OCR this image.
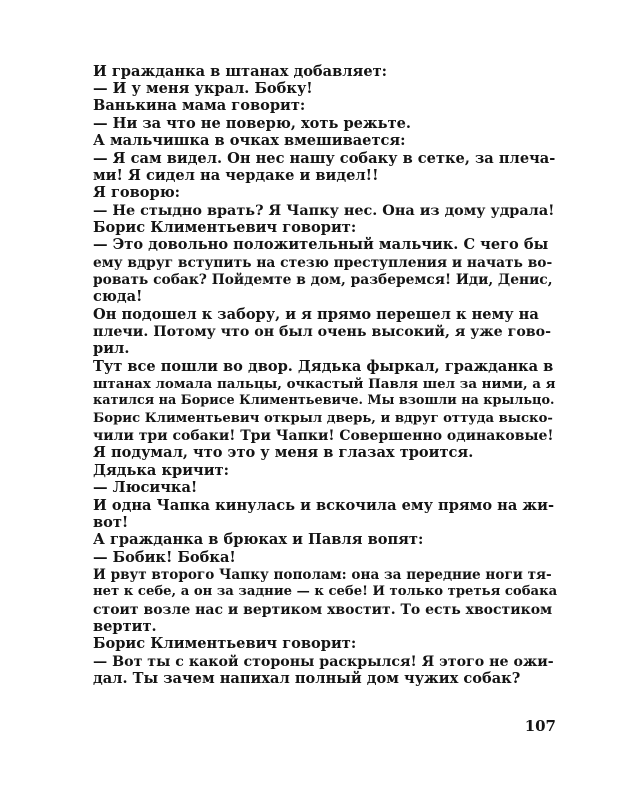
И гражданка в штанах добавляет:
— И у меня украл. Бобку!
Ванькина мама говорит:
— Ни за что не поверю, хоть режьте.
А мальчишка в очках вмешивается:
— Я сам видел. Он нес нашу собаку в сетке, за плеча-
ми! Я сидел на чердаке и видел!!
Я говорю:
— Не стыдно врать? Я Чапку нес. Она из дому удрала!
Борис Климентьевич говорит:
— Это довольно положительный мальчик. С чего бы
ему вдруг вступить на стезю преступления и начать во-
ровать собак? Пойдемте в дом, разберемся! Иди, Денис,
сюда!
Он подошел к забору, и я прямо перешел к нему на
плечи. Потому что он был очень высокий, я уже гово-
рил.
Тут все пошли во двор. Дядька фыркал, гражданка в
штанах ломала пальцы, очкастый Павля шел за ними, а я
катился на Борисе Климентьевиче. Мы взошли на крыльцо.
Борис Климентьевич открыл дверь, и вдруг оттуда выско-
чили три собаки! Три Чапки! Совершенно одинаковые!
Я подумал, что это у меня в глазах троится.
Дядька кричит:
— Люсичка!
И одна Чапка кинулась и вскочила ему прямо на жи-
вот!
А гражданка в брюках и Павля вопят:
— Бобик! Бобка!
И рвут второго Чапку пополам: она за передние ноги тя-
нет к себе, а он за задние — к себе! И только третья собака
стоит возле нас и вертиком хвостит. То есть хвостиком
вертит.
Борис Климентьевич говорит:
— Вот ты с какой стороны раскрылся! Я этого не ожи-
дал. Ты зачем напихал полный дом чужих собак?
107
